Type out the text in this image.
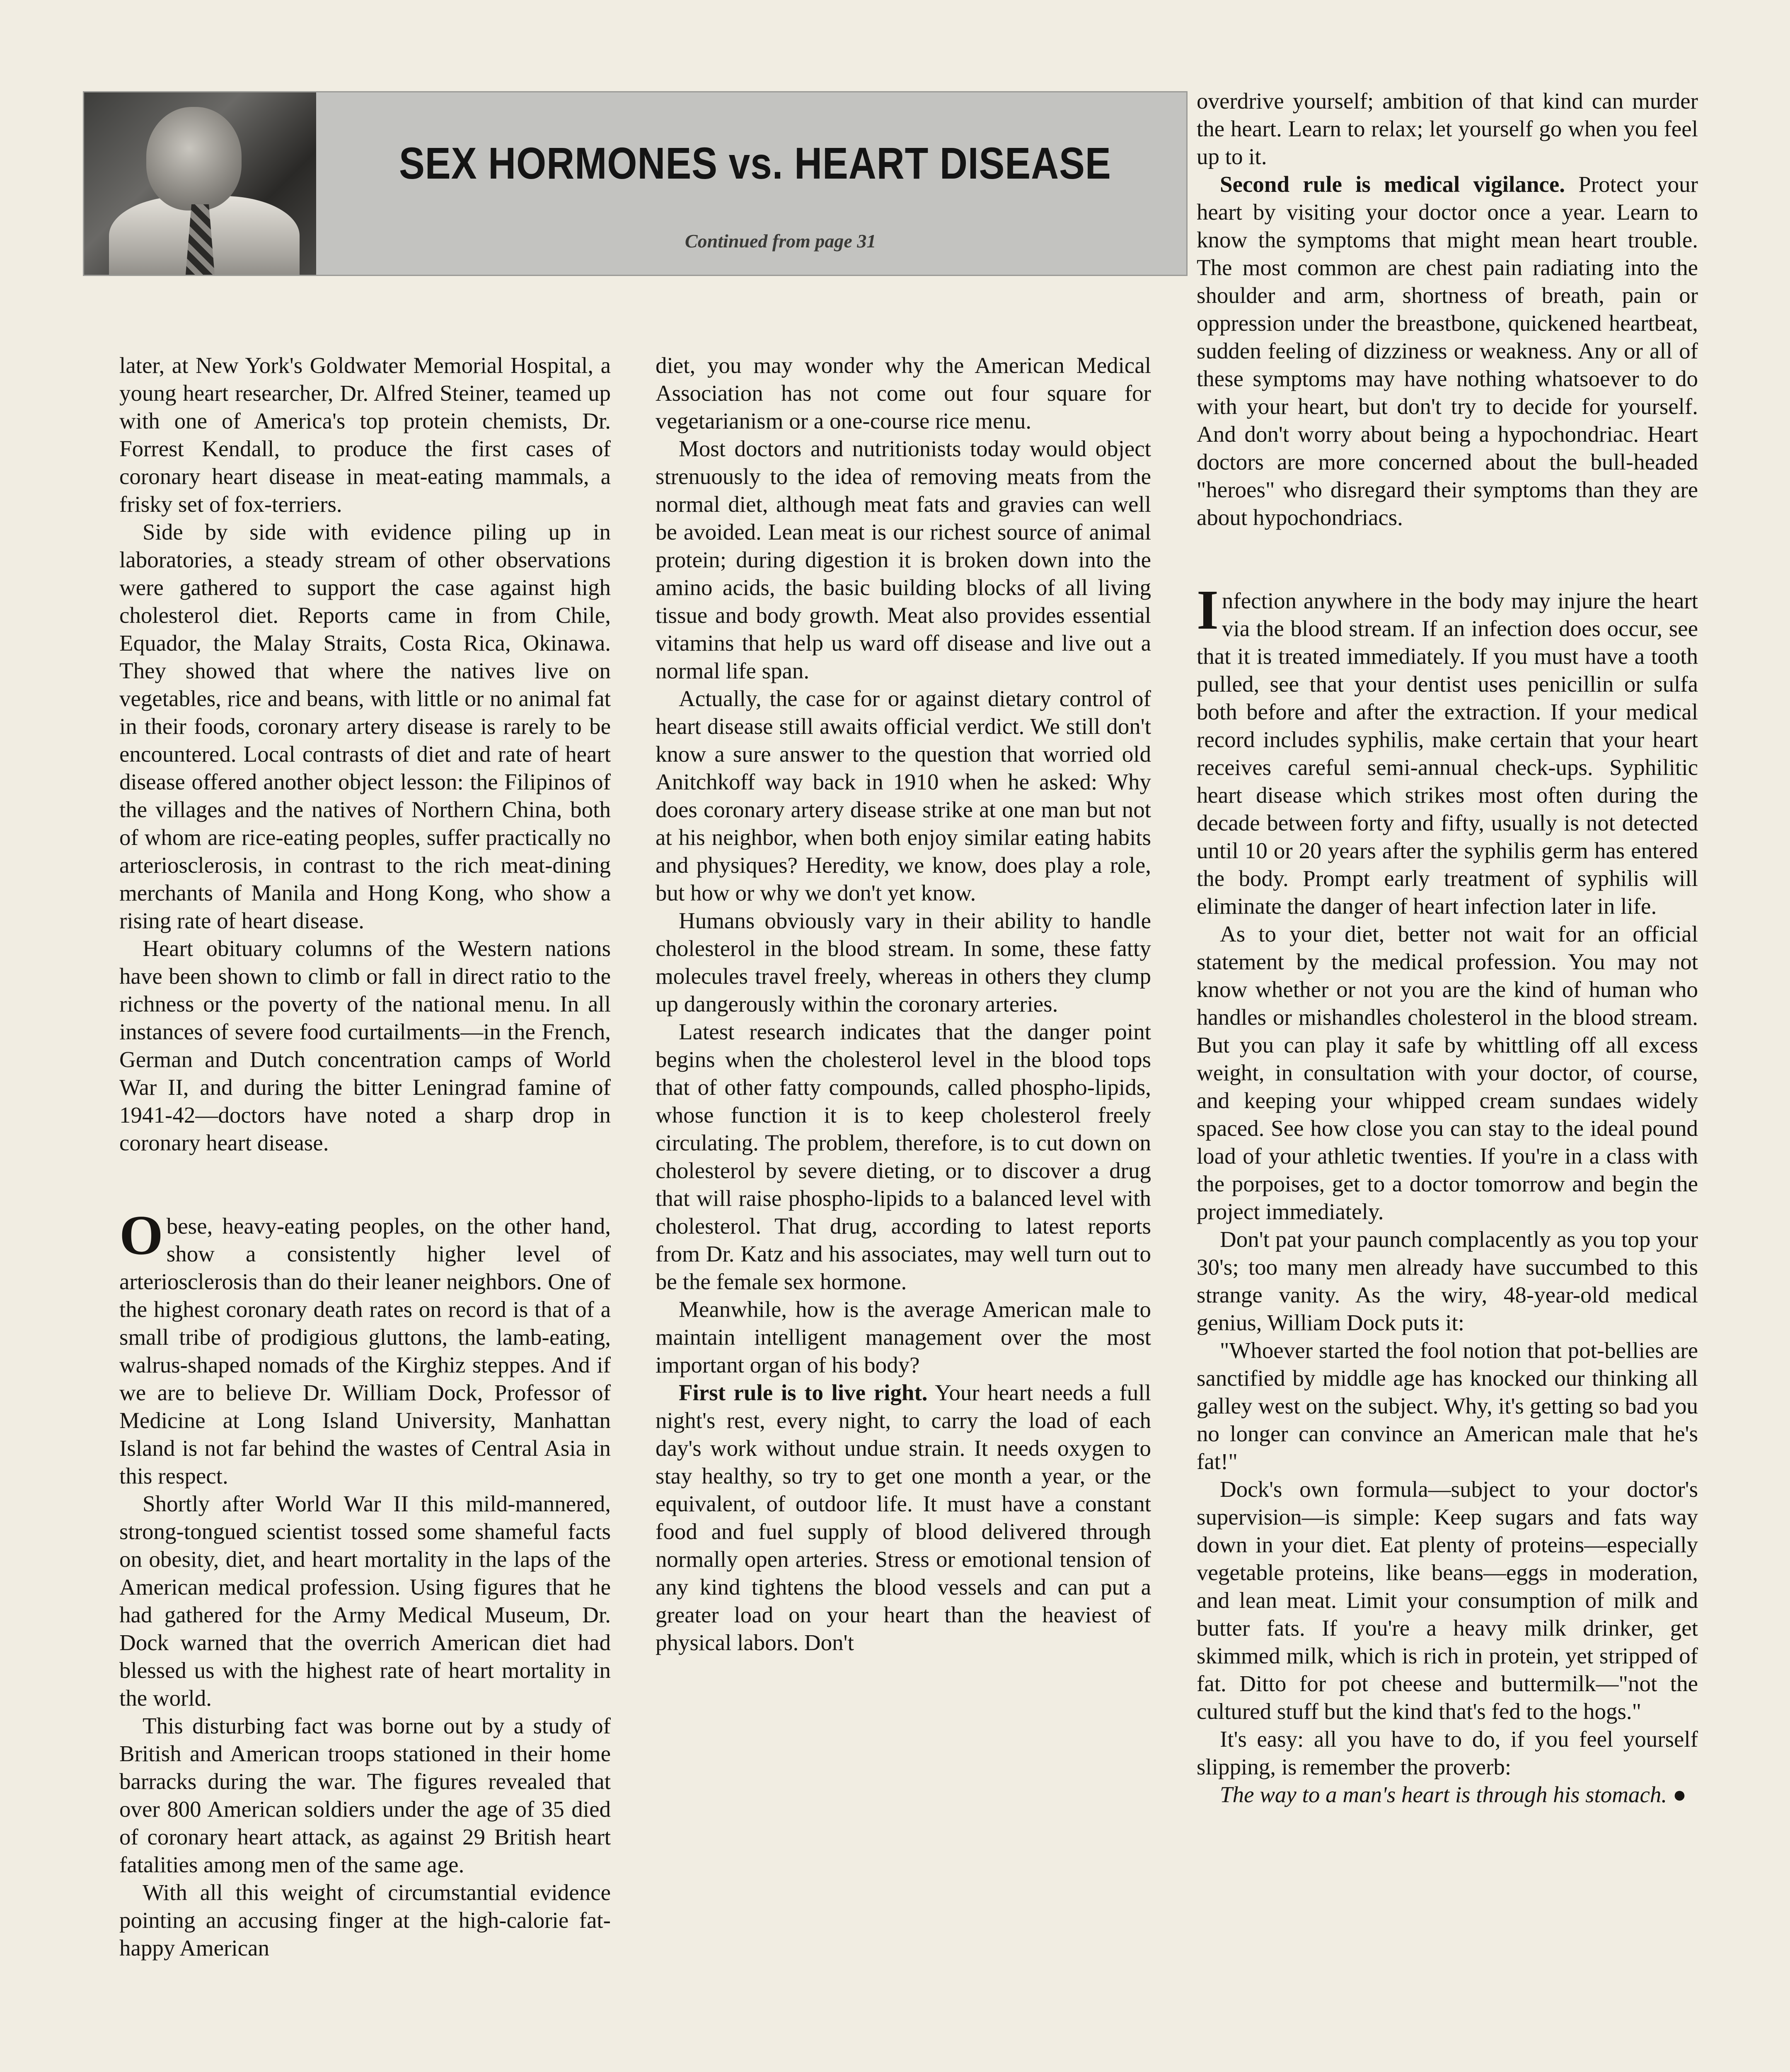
SEX HORMONES vs. HEART DISEASE
Continued from page 31

later, at New York's Goldwater Memorial Hospital, a young heart researcher, Dr. Alfred Steiner, teamed up with one of America's top protein chemists, Dr. Forrest Kendall, to produce the first cases of coronary heart disease in meat-eating mammals, a frisky set of fox-terriers.

Side by side with evidence piling up in laboratories, a steady stream of other observations were gathered to support the case against high cholesterol diet. Reports came in from Chile, Equador, the Malay Straits, Costa Rica, Okinawa. They showed that where the natives live on vegetables, rice and beans, with little or no animal fat in their foods, coronary artery disease is rarely to be encountered. Local contrasts of diet and rate of heart disease offered another object lesson: the Filipinos of the villages and the natives of Northern China, both of whom are rice-eating peoples, suffer practically no arteriosclerosis, in contrast to the rich meat-dining merchants of Manila and Hong Kong, who show a rising rate of heart disease.

Heart obituary columns of the Western nations have been shown to climb or fall in direct ratio to the richness or the poverty of the national menu. In all instances of severe food curtailments—in the French, German and Dutch concentration camps of World War II, and during the bitter Leningrad famine of 1941-42—doctors have noted a sharp drop in coronary heart disease.

Obese, heavy-eating peoples, on the other hand, show a consistently higher level of arteriosclerosis than do their leaner neighbors. One of the highest coronary death rates on record is that of a small tribe of prodigious gluttons, the lamb-eating, walrus-shaped nomads of the Kirghiz steppes. And if we are to believe Dr. William Dock, Professor of Medicine at Long Island University, Manhattan Island is not far behind the wastes of Central Asia in this respect.

Shortly after World War II this mild-mannered, strong-tongued scientist tossed some shameful facts on obesity, diet, and heart mortality in the laps of the American medical profession. Using figures that he had gathered for the Army Medical Museum, Dr. Dock warned that the overrich American diet had blessed us with the highest rate of heart mortality in the world.

This disturbing fact was borne out by a study of British and American troops stationed in their home barracks during the war. The figures revealed that over 800 American soldiers under the age of 35 died of coronary heart attack, as against 29 British heart fatalities among men of the same age.

With all this weight of circumstantial evidence pointing an accusing finger at the high-calorie fat-happy American

diet, you may wonder why the American Medical Association has not come out four square for vegetarianism or a one-course rice menu.

Most doctors and nutritionists today would object strenuously to the idea of removing meats from the normal diet, although meat fats and gravies can well be avoided. Lean meat is our richest source of animal protein; during digestion it is broken down into the amino acids, the basic building blocks of all living tissue and body growth. Meat also provides essential vitamins that help us ward off disease and live out a normal life span.

Actually, the case for or against dietary control of heart disease still awaits official verdict. We still don't know a sure answer to the question that worried old Anitchkoff way back in 1910 when he asked: Why does coronary artery disease strike at one man but not at his neighbor, when both enjoy similar eating habits and physiques? Heredity, we know, does play a role, but how or why we don't yet know.

Humans obviously vary in their ability to handle cholesterol in the blood stream. In some, these fatty molecules travel freely, whereas in others they clump up dangerously within the coronary arteries.

Latest research indicates that the danger point begins when the cholesterol level in the blood tops that of other fatty compounds, called phospho-lipids, whose function it is to keep cholesterol freely circulating. The problem, therefore, is to cut down on cholesterol by severe dieting, or to discover a drug that will raise phospho-lipids to a balanced level with cholesterol. That drug, according to latest reports from Dr. Katz and his associates, may well turn out to be the female sex hormone.

Meanwhile, how is the average American male to maintain intelligent management over the most important organ of his body?

First rule is to live right. Your heart needs a full night's rest, every night, to carry the load of each day's work without undue strain. It needs oxygen to stay healthy, so try to get one month a year, or the equivalent, of outdoor life. It must have a constant food and fuel supply of blood delivered through normally open arteries. Stress or emotional tension of any kind tightens the blood vessels and can put a greater load on your heart than the heaviest of physical labors. Don't

overdrive yourself; ambition of that kind can murder the heart. Learn to relax; let yourself go when you feel up to it.

Second rule is medical vigilance. Protect your heart by visiting your doctor once a year. Learn to know the symptoms that might mean heart trouble. The most common are chest pain radiating into the shoulder and arm, shortness of breath, pain or oppression under the breastbone, quickened heartbeat, sudden feeling of dizziness or weakness. Any or all of these symptoms may have nothing whatsoever to do with your heart, but don't try to decide for yourself. And don't worry about being a hypochondriac. Heart doctors are more concerned about the bull-headed "heroes" who disregard their symptoms than they are about hypochondriacs.

Infection anywhere in the body may injure the heart via the blood stream. If an infection does occur, see that it is treated immediately. If you must have a tooth pulled, see that your dentist uses penicillin or sulfa both before and after the extraction. If your medical record includes syphilis, make certain that your heart receives careful semi-annual check-ups. Syphilitic heart disease which strikes most often during the decade between forty and fifty, usually is not detected until 10 or 20 years after the syphilis germ has entered the body. Prompt early treatment of syphilis will eliminate the danger of heart infection later in life.

As to your diet, better not wait for an official statement by the medical profession. You may not know whether or not you are the kind of human who handles or mishandles cholesterol in the blood stream. But you can play it safe by whittling off all excess weight, in consultation with your doctor, of course, and keeping your whipped cream sundaes widely spaced. See how close you can stay to the ideal pound load of your athletic twenties. If you're in a class with the porpoises, get to a doctor tomorrow and begin the project immediately.

Don't pat your paunch complacently as you top your 30's; too many men already have succumbed to this strange vanity. As the wiry, 48-year-old medical genius, William Dock puts it:

"Whoever started the fool notion that pot-bellies are sanctified by middle age has knocked our thinking all galley west on the subject. Why, it's getting so bad you no longer can convince an American male that he's fat!"

Dock's own formula—subject to your doctor's supervision—is simple: Keep sugars and fats way down in your diet. Eat plenty of proteins—especially vegetable proteins, like beans—eggs in moderation, and lean meat. Limit your consumption of milk and butter fats. If you're a heavy milk drinker, get skimmed milk, which is rich in protein, yet stripped of fat. Ditto for pot cheese and buttermilk—"not the cultured stuff but the kind that's fed to the hogs."

It's easy: all you have to do, if you feel yourself slipping, is remember the proverb:

The way to a man's heart is through his stomach. ●
